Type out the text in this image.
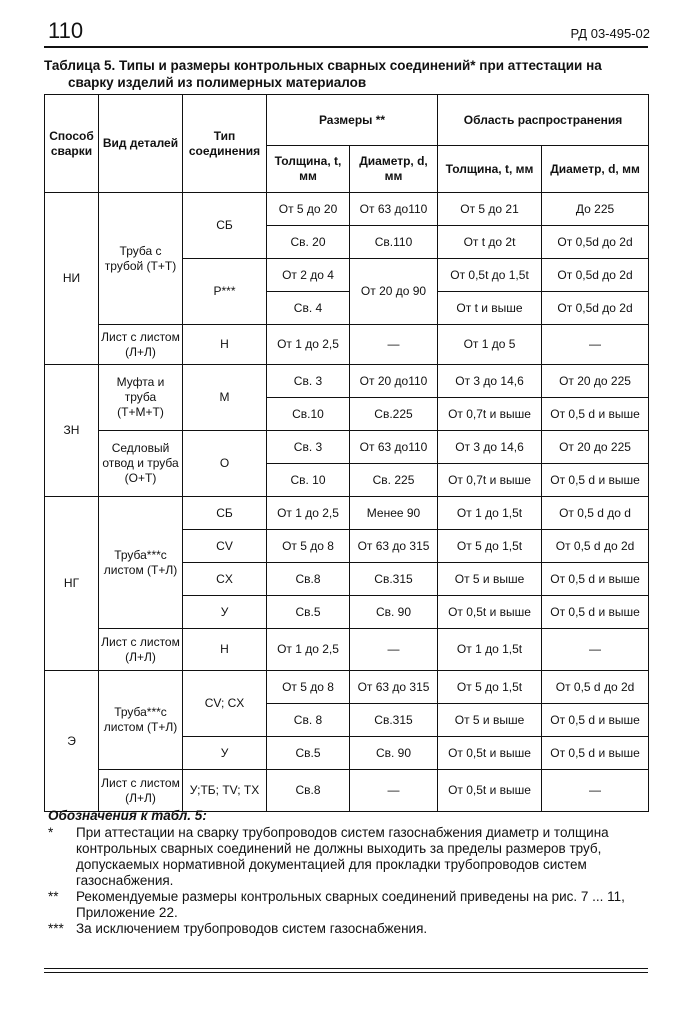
110	РД 03-495-02
Таблица 5. Типы и размеры контрольных сварных соединений* при аттестации на
сваркy изделий из полимерных материалов
Способ сварки	Вид деталей	Тип соединения	Размеры **		Область распространения	
			Толщина, t, мм	Диаметр, d, мм	Толщина, t, мм	Диаметр, d, мм
НИ	Труба с трубой (Т+Т)	СБ	От 5 до 20	От 63 до110	От 5 до 21	До 225
			Св. 20	Св.110	От t до 2t	От 0,5d до 2d
		Р***	От 2 до 4	От 20 до 90	От 0,5t до 1,5t	От 0,5d до 2d
			Св. 4		От t и выше	От 0,5d до 2d
	Лист с листом (Л+Л)	Н	От 1 до 2,5	—	От 1 до 5	—
ЗН	Муфта и труба (Т+М+Т)	М	Св. 3	От 20 до110	От 3 до 14,6	От 20 до 225
			Св.10	Св.225	От 0,7t и выше	От 0,5 d и выше
	Седловый отвод и труба (О+Т)	О	Св. 3	От 63 до110	От 3 до 14,6	От 20 до 225
			Св. 10	Св. 225	От 0,7t и выше	От 0,5 d и выше
НГ	Труба***с листом (Т+Л)	СБ	От 1 до 2,5	Менее 90	От 1 до 1,5t	От 0,5 d до d
		CV	От 5 до 8	От 63 до 315	От 5 до 1,5t	От 0,5 d до 2d
		CX	Св.8	Св.315	От 5 и выше	От 0,5 d и выше
		У	Св.5	Св. 90	От 0,5t и выше	От 0,5 d и выше
	Лист с листом (Л+Л)	Н	От 1 до 2,5	—	От 1 до 1,5t	—
Э	Труба***с листом (Т+Л)	CV; CX	От 5 до 8	От 63 до 315	От 5 до 1,5t	От 0,5 d до 2d
			Св. 8	Св.315	От 5 и выше	От 0,5 d и выше
		У	Св.5	Св. 90	От 0,5t и выше	От 0,5 d и выше
	Лист с листом (Л+Л)	У;ТБ; TV; ТХ	Св.8	—	От 0,5t и выше	—
Обозначения к табл. 5:
* При аттестации на сварку трубопроводов систем газоснабжения диаметр и толщина контрольных сварных соединений не должны выходить за пределы размеров труб, допускаемых нормативной документацией для прокладки трубопроводов систем газоснабжения.
** Рекомендуемые размеры контрольных сварных соединений приведены на рис. 7 ... 11, Приложение 22.
*** За исключением трубопроводов систем газоснабжения.
